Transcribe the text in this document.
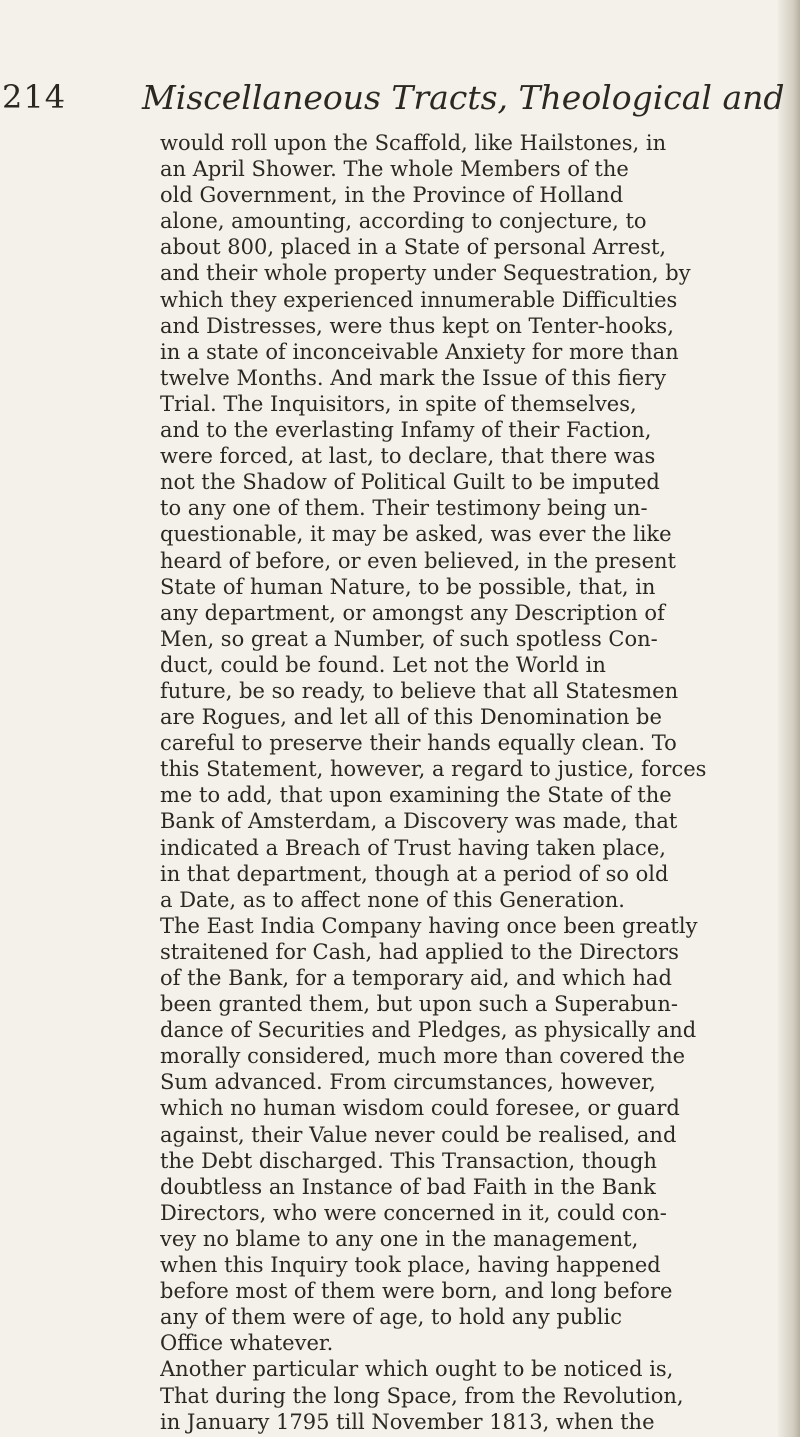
214 Miscellaneous Tracts, Theological and
would roll upon the Scaffold, like Hailstones, in
an April Shower. The whole Members of the
old Government, in the Province of Holland
alone, amounting, according to conjecture, to
about 800, placed in a State of personal Arrest,
and their whole property under Sequestration, by
which they experienced innumerable Difficulties
and Distresses, were thus kept on Tenter-hooks,
in a state of inconceivable Anxiety for more than
twelve Months. And mark the Issue of this fiery
Trial. The Inquisitors, in spite of themselves,
and to the everlasting Infamy of their Faction,
were forced, at last, to declare, that there was
not the Shadow of Political Guilt to be imputed
to any one of them. Their testimony being un-
questionable, it may be asked, was ever the like
heard of before, or even believed, in the present
State of human Nature, to be possible, that, in
any department, or amongst any Description of
Men, so great a Number, of such spotless Con-
duct, could be found. Let not the World in
future, be so ready, to believe that all Statesmen
are Rogues, and let all of this Denomination be
careful to preserve their hands equally clean. To
this Statement, however, a regard to justice, forces
me to add, that upon examining the State of the
Bank of Amsterdam, a Discovery was made, that
indicated a Breach of Trust having taken place,
in that department, though at a period of so old
a Date, as to affect none of this Generation.
The East India Company having once been greatly
straitened for Cash, had applied to the Directors
of the Bank, for a temporary aid, and which had
been granted them, but upon such a Superabun-
dance of Securities and Pledges, as physically and
morally considered, much more than covered the
Sum advanced. From circumstances, however,
which no human wisdom could foresee, or guard
against, their Value never could be realised, and
the Debt discharged. This Transaction, though
doubtless an Instance of bad Faith in the Bank
Directors, who were concerned in it, could con-
vey no blame to any one in the management,
when this Inquiry took place, having happened
before most of them were born, and long before
any of them were of age, to hold any public
Office whatever.
Another particular which ought to be noticed is,
That during the long Space, from the Revolution,
in January 1795 till November 1813, when the
